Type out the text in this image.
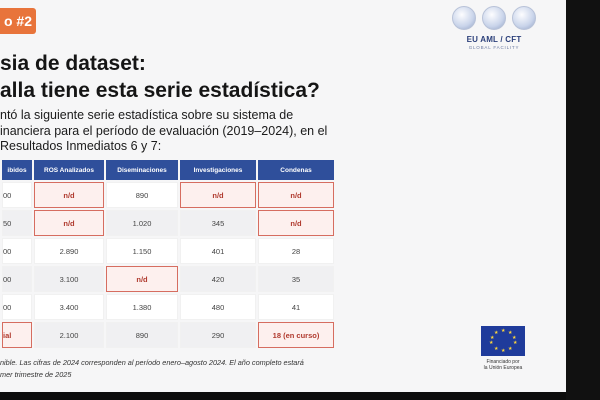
o #2
EU AML / CFT
GLOBAL FACILITY
sia de dataset:
alla tiene esta serie estadística?
ntó la siguiente serie estadística sobre su sistema de
inanciera para el período de evaluación (2019–2024), en el
Resultados Inmediatos 6 y 7:
ibidos	ROS Analizados	Diseminaciones	Investigaciones	Condenas
00	n/d	890	n/d	n/d
50	n/d	1.020	345	n/d
00	2.890	1.150	401	28
00	3.100	n/d	420	35
00	3.400	1.380	480	41
ial	2.100	890	290	18 (en curso)
nible. Las cifras de 2024 corresponden al período enero–agosto 2024. El año completo estará
mer trimestre de 2025
★ ★
★
★
★
★
★
★
★
★
Financiado por
la Unión Europea
